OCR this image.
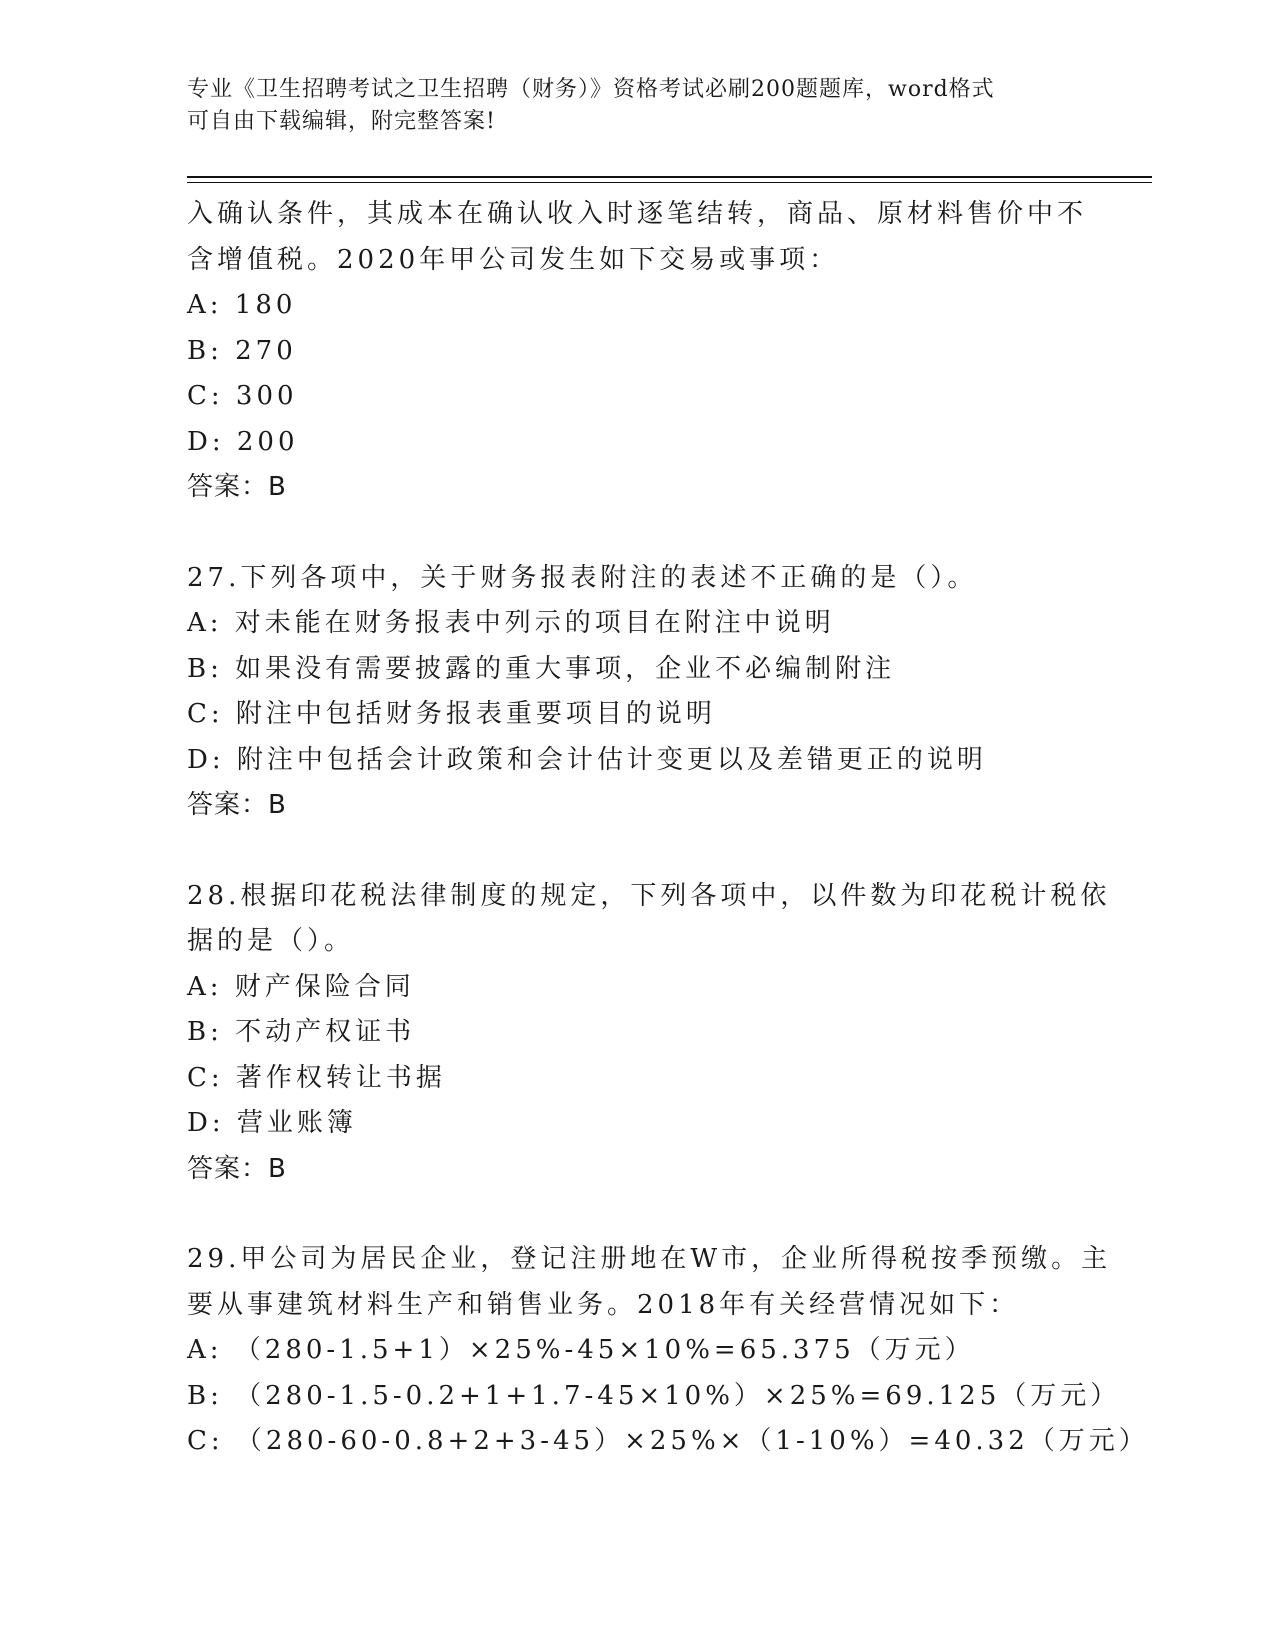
专业《卫生招聘考试之卫生招聘（财务）》资格考试必刷200题题库，word格式
可自由下载编辑，附完整答案!
入确认条件，其成本在确认收入时逐笔结转，商品、原材料售价中不
含增值税。2020年甲公司发生如下交易或事项：
A: 180
B: 270
C: 300
D: 200
答案：B
27.下列各项中，关于财务报表附注的表述不正确的是（）。
A: 对未能在财务报表中列示的项目在附注中说明
B: 如果没有需要披露的重大事项，企业不必编制附注
C: 附注中包括财务报表重要项目的说明
D: 附注中包括会计政策和会计估计变更以及差错更正的说明
答案：B
28.根据印花税法律制度的规定，下列各项中，以件数为印花税计税依
据的是（）。
A: 财产保险合同
B: 不动产权证书
C: 著作权转让书据
D: 营业账簿
答案：B
29.甲公司为居民企业，登记注册地在W市，企业所得税按季预缴。主
要从事建筑材料生产和销售业务。2018年有关经营情况如下：
A: （280-1.5+1）×25%-45×10%=65.375（万元）
B: （280-1.5-0.2+1+1.7-45×10%）×25%=69.125（万元）
C: （280-60-0.8+2+3-45）×25%×（1-10%）=40.32（万元）
